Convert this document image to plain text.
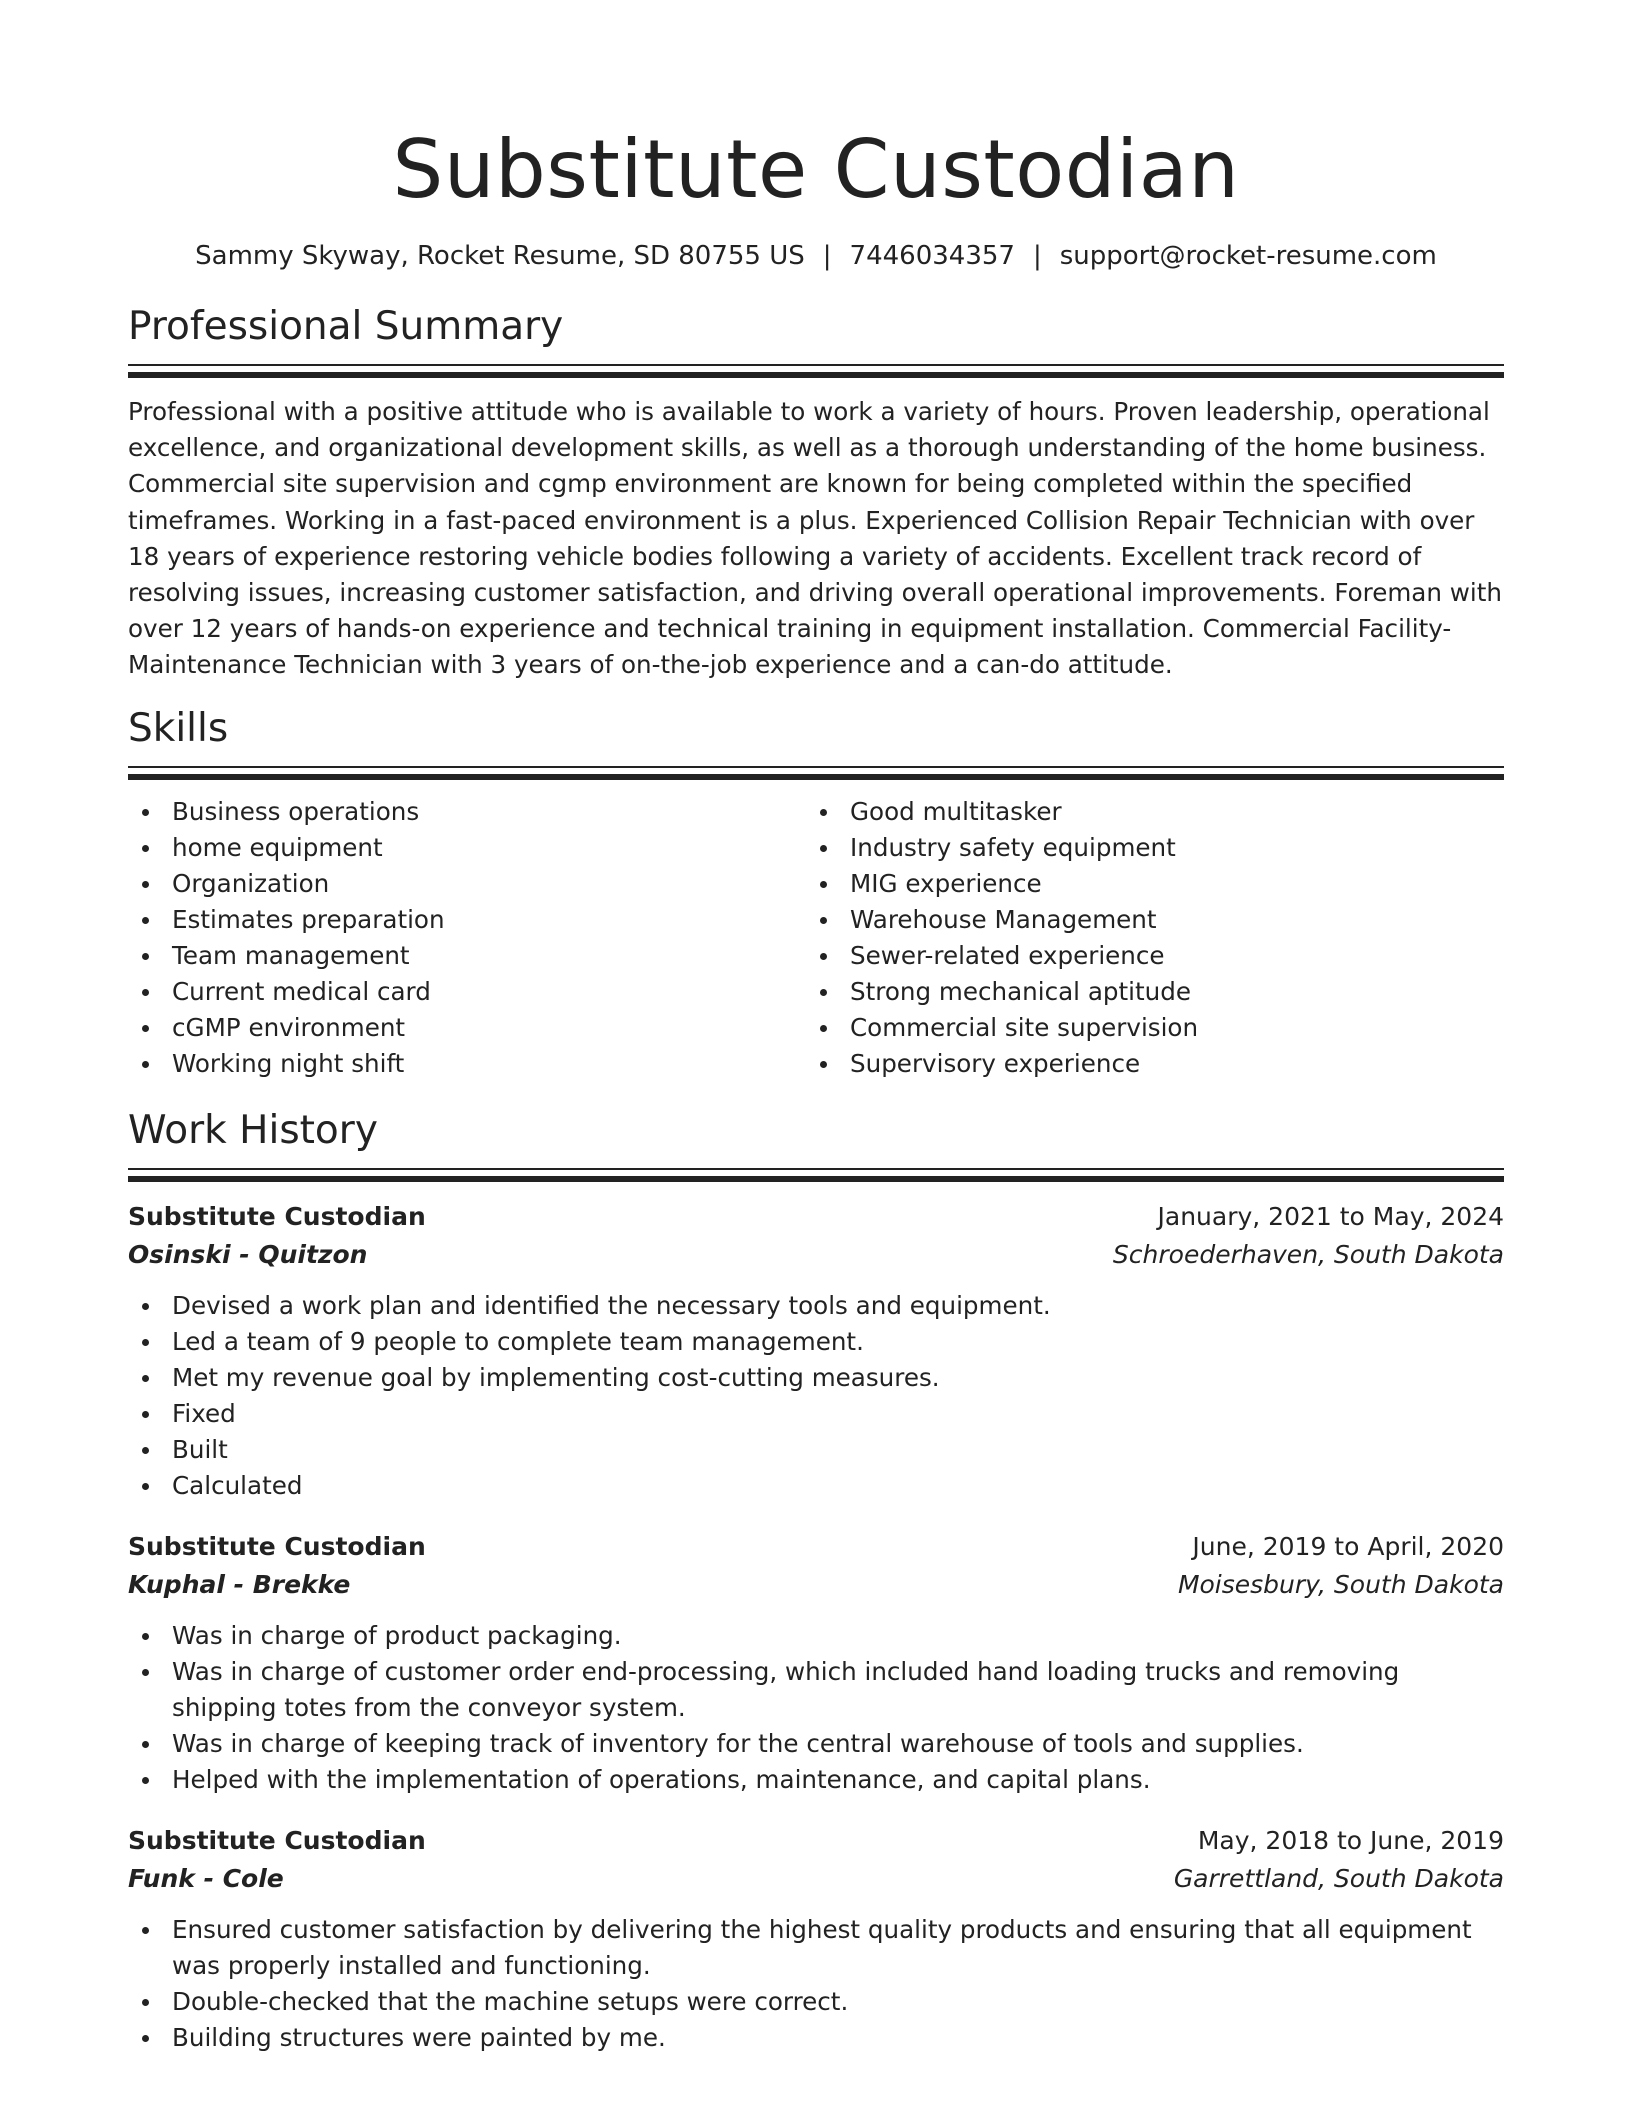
Substitute Custodian
Sammy Skyway, Rocket Resume, SD 80755 US | 7446034357 | support@rocket-resume.com
Professional Summary
Professional with a positive attitude who is available to work a variety of hours. Proven leadership, operational excellence, and organizational development skills, as well as a thorough understanding of the home business. Commercial site supervision and cgmp environment are known for being completed within the specified timeframes. Working in a fast-paced environment is a plus. Experienced Collision Repair Technician with over 18 years of experience restoring vehicle bodies following a variety of accidents. Excellent track record of resolving issues, increasing customer satisfaction, and driving overall operational improvements. Foreman with over 12 years of hands-on experience and technical training in equipment installation. Commercial Facility-Maintenance Technician with 3 years of on-the-job experience and a can-do attitude.
Skills
Business operations
home equipment
Organization
Estimates preparation
Team management
Current medical card
cGMP environment
Working night shift
Good multitasker
Industry safety equipment
MIG experience
Warehouse Management
Sewer-related experience
Strong mechanical aptitude
Commercial site supervision
Supervisory experience
Work History
Substitute Custodian	January, 2021 to May, 2024
Osinski - Quitzon	Schroederhaven, South Dakota
Devised a work plan and identified the necessary tools and equipment.
Led a team of 9 people to complete team management.
Met my revenue goal by implementing cost-cutting measures.
Fixed
Built
Calculated
Substitute Custodian	June, 2019 to April, 2020
Kuphal - Brekke	Moisesbury, South Dakota
Was in charge of product packaging.
Was in charge of customer order end-processing, which included hand loading trucks and removing shipping totes from the conveyor system.
Was in charge of keeping track of inventory for the central warehouse of tools and supplies.
Helped with the implementation of operations, maintenance, and capital plans.
Substitute Custodian	May, 2018 to June, 2019
Funk - Cole	Garrettland, South Dakota
Ensured customer satisfaction by delivering the highest quality products and ensuring that all equipment was properly installed and functioning.
Double-checked that the machine setups were correct.
Building structures were painted by me.
